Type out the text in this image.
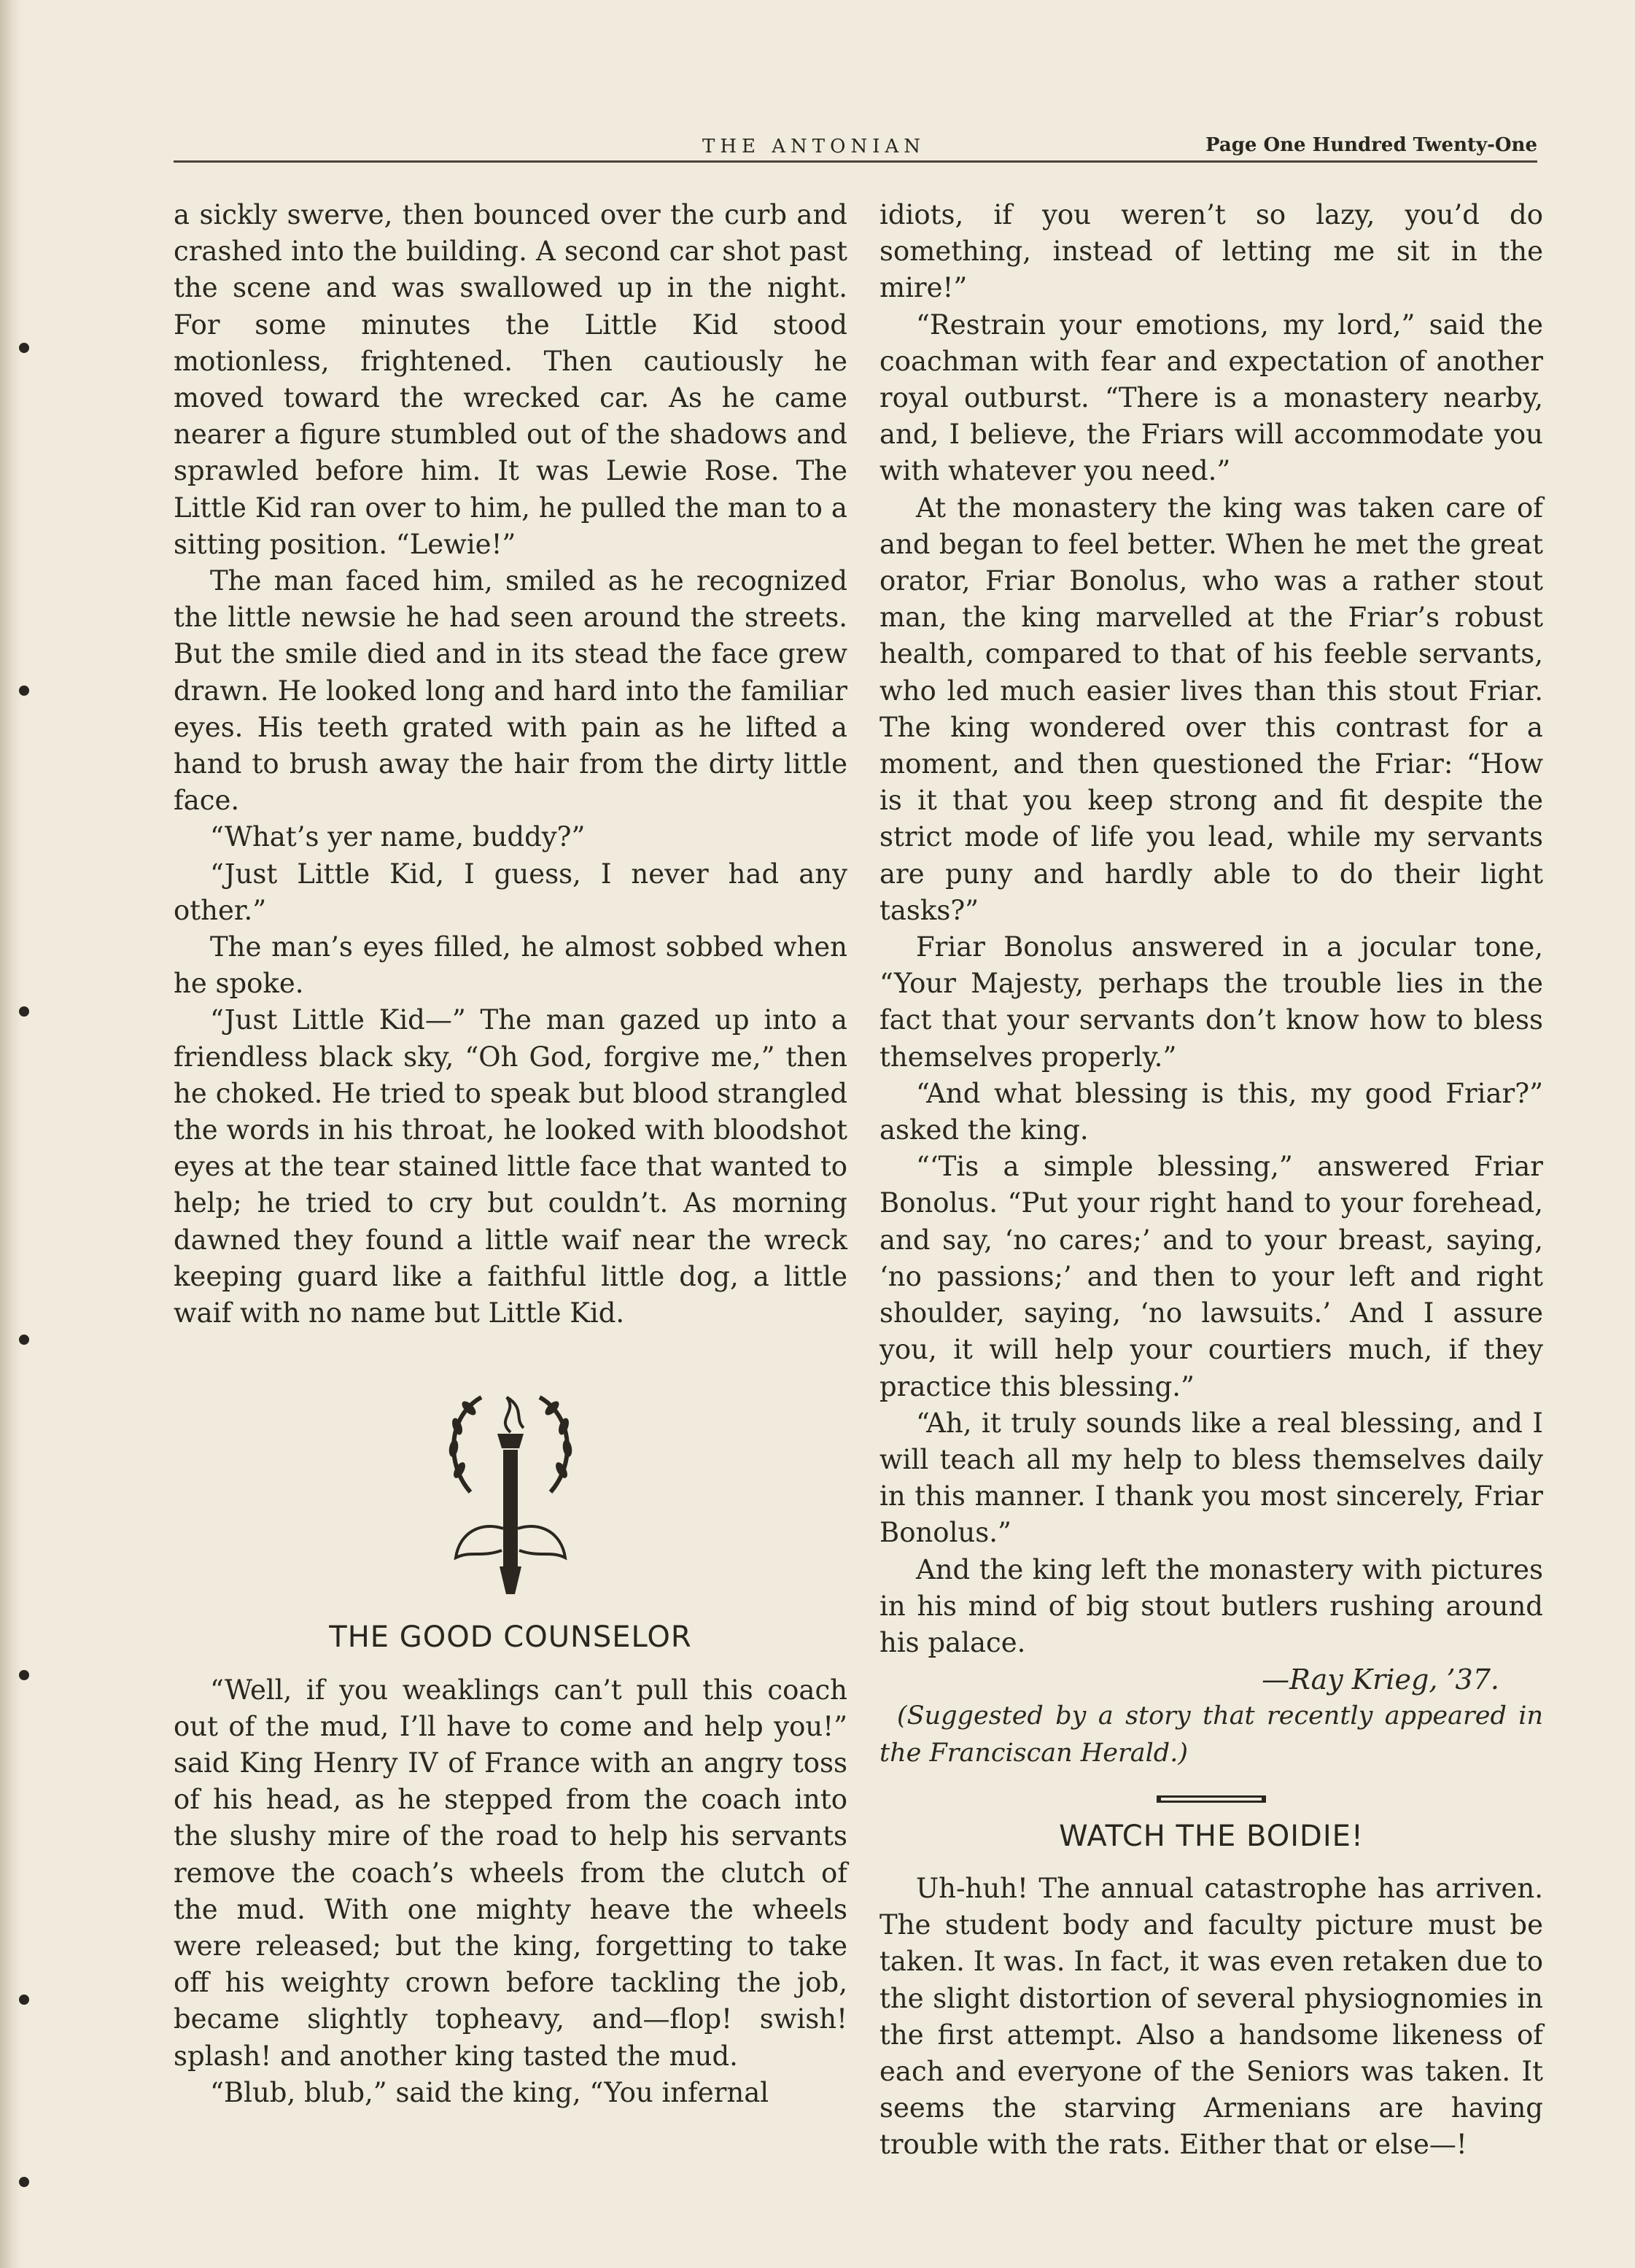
THE ANTONIAN	Page One Hundred Twenty-One

a sickly swerve, then bounced over the curb and crashed into the building. A second car shot past the scene and was swallowed up in the night. For some minutes the Little Kid stood motionless, frightened. Then cautiously he moved toward the wrecked car. As he came nearer a figure stumbled out of the shadows and sprawled before him. It was Lewie Rose. The Little Kid ran over to him, he pulled the man to a sitting position. “Lewie!”

The man faced him, smiled as he recognized the little newsie he had seen around the streets. But the smile died and in its stead the face grew drawn. He looked long and hard into the familiar eyes. His teeth grated with pain as he lifted a hand to brush away the hair from the dirty little face.

“What’s yer name, buddy?”

“Just Little Kid, I guess, I never had any other.”

The man’s eyes filled, he almost sobbed when he spoke.

“Just Little Kid—” The man gazed up into a friendless black sky, “Oh God, forgive me,” then he choked. He tried to speak but blood strangled the words in his throat, he looked with bloodshot eyes at the tear stained little face that wanted to help; he tried to cry but couldn’t. As morning dawned they found a little waif near the wreck keeping guard like a faithful little dog, a little waif with no name but Little Kid.

THE GOOD COUNSELOR

“Well, if you weaklings can’t pull this coach out of the mud, I’ll have to come and help you!” said King Henry IV of France with an angry toss of his head, as he stepped from the coach into the slushy mire of the road to help his servants remove the coach’s wheels from the clutch of the mud. With one mighty heave the wheels were released; but the king, forgetting to take off his weighty crown before tackling the job, became slightly topheavy, and—flop! swish! splash! and another king tasted the mud.

“Blub, blub,” said the king, “You infernal

idiots, if you weren’t so lazy, you’d do something, instead of letting me sit in the mire!”

“Restrain your emotions, my lord,” said the coachman with fear and expectation of another royal outburst. “There is a monastery nearby, and, I believe, the Friars will accommodate you with whatever you need.”

At the monastery the king was taken care of and began to feel better. When he met the great orator, Friar Bonolus, who was a rather stout man, the king marvelled at the Friar’s robust health, compared to that of his feeble servants, who led much easier lives than this stout Friar. The king wondered over this contrast for a moment, and then questioned the Friar: “How is it that you keep strong and fit despite the strict mode of life you lead, while my servants are puny and hardly able to do their light tasks?”

Friar Bonolus answered in a jocular tone, “Your Majesty, perhaps the trouble lies in the fact that your servants don’t know how to bless themselves properly.”

“And what blessing is this, my good Friar?” asked the king.

“‘Tis a simple blessing,” answered Friar Bonolus. “Put your right hand to your forehead, and say, ‘no cares;’ and to your breast, saying, ‘no passions;’ and then to your left and right shoulder, saying, ‘no lawsuits.’ And I assure you, it will help your courtiers much, if they practice this blessing.”

“Ah, it truly sounds like a real blessing, and I will teach all my help to bless themselves daily in this manner. I thank you most sincerely, Friar Bonolus.”

And the king left the monastery with pictures in his mind of big stout butlers rushing around his palace.

—Ray Krieg, ’37.

(Suggested by a story that recently appeared in the Franciscan Herald.)

WATCH THE BOIDIE!

Uh-huh! The annual catastrophe has arriven. The student body and faculty picture must be taken. It was. In fact, it was even retaken due to the slight distortion of several physiognomies in the first attempt. Also a handsome likeness of each and everyone of the Seniors was taken. It seems the starving Armenians are having trouble with the rats. Either that or else—!
